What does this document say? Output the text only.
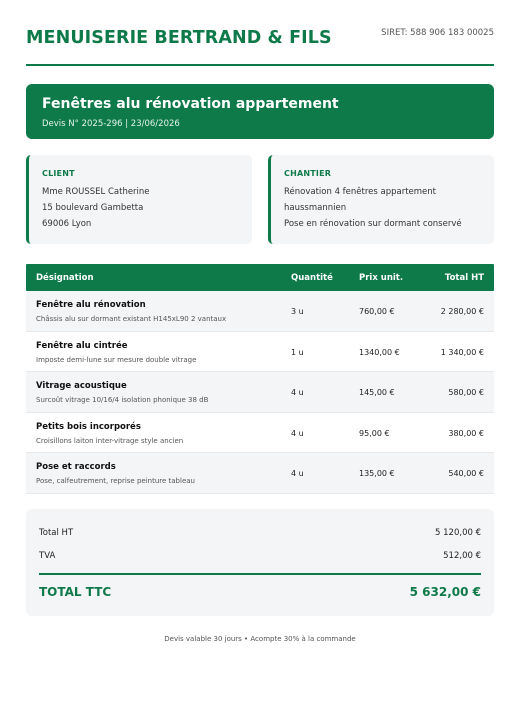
MENUISERIE BERTRAND & FILS	SIRET: 588 906 183 00025
Fenêtres alu rénovation appartement
Devis N° 2025-296 | 23/06/2026
CLIENT
Mme ROUSSEL Catherine
15 boulevard Gambetta
69006 Lyon
CHANTIER
Rénovation 4 fenêtres appartement
haussmannien
Pose en rénovation sur dormant conservé
Désignation	Quantité	Prix unit.	Total HT
Fenêtre alu rénovation
Châssis alu sur dormant existant H145xL90 2 vantaux
3 u	760,00 €	2 280,00 €
Fenêtre alu cintrée
Imposte demi-lune sur mesure double vitrage
1 u	1340,00 €	1 340,00 €
Vitrage acoustique
Surcoût vitrage 10/16/4 isolation phonique 38 dB
4 u	145,00 €	580,00 €
Petits bois incorporés
Croisillons laiton inter-vitrage style ancien
4 u	95,00 €	380,00 €
Pose et raccords
Pose, calfeutrement, reprise peinture tableau
4 u	135,00 €	540,00 €
Total HT	5 120,00 €
TVA	512,00 €
TOTAL TTC	5 632,00 €
Devis valable 30 jours • Acompte 30% à la commande
